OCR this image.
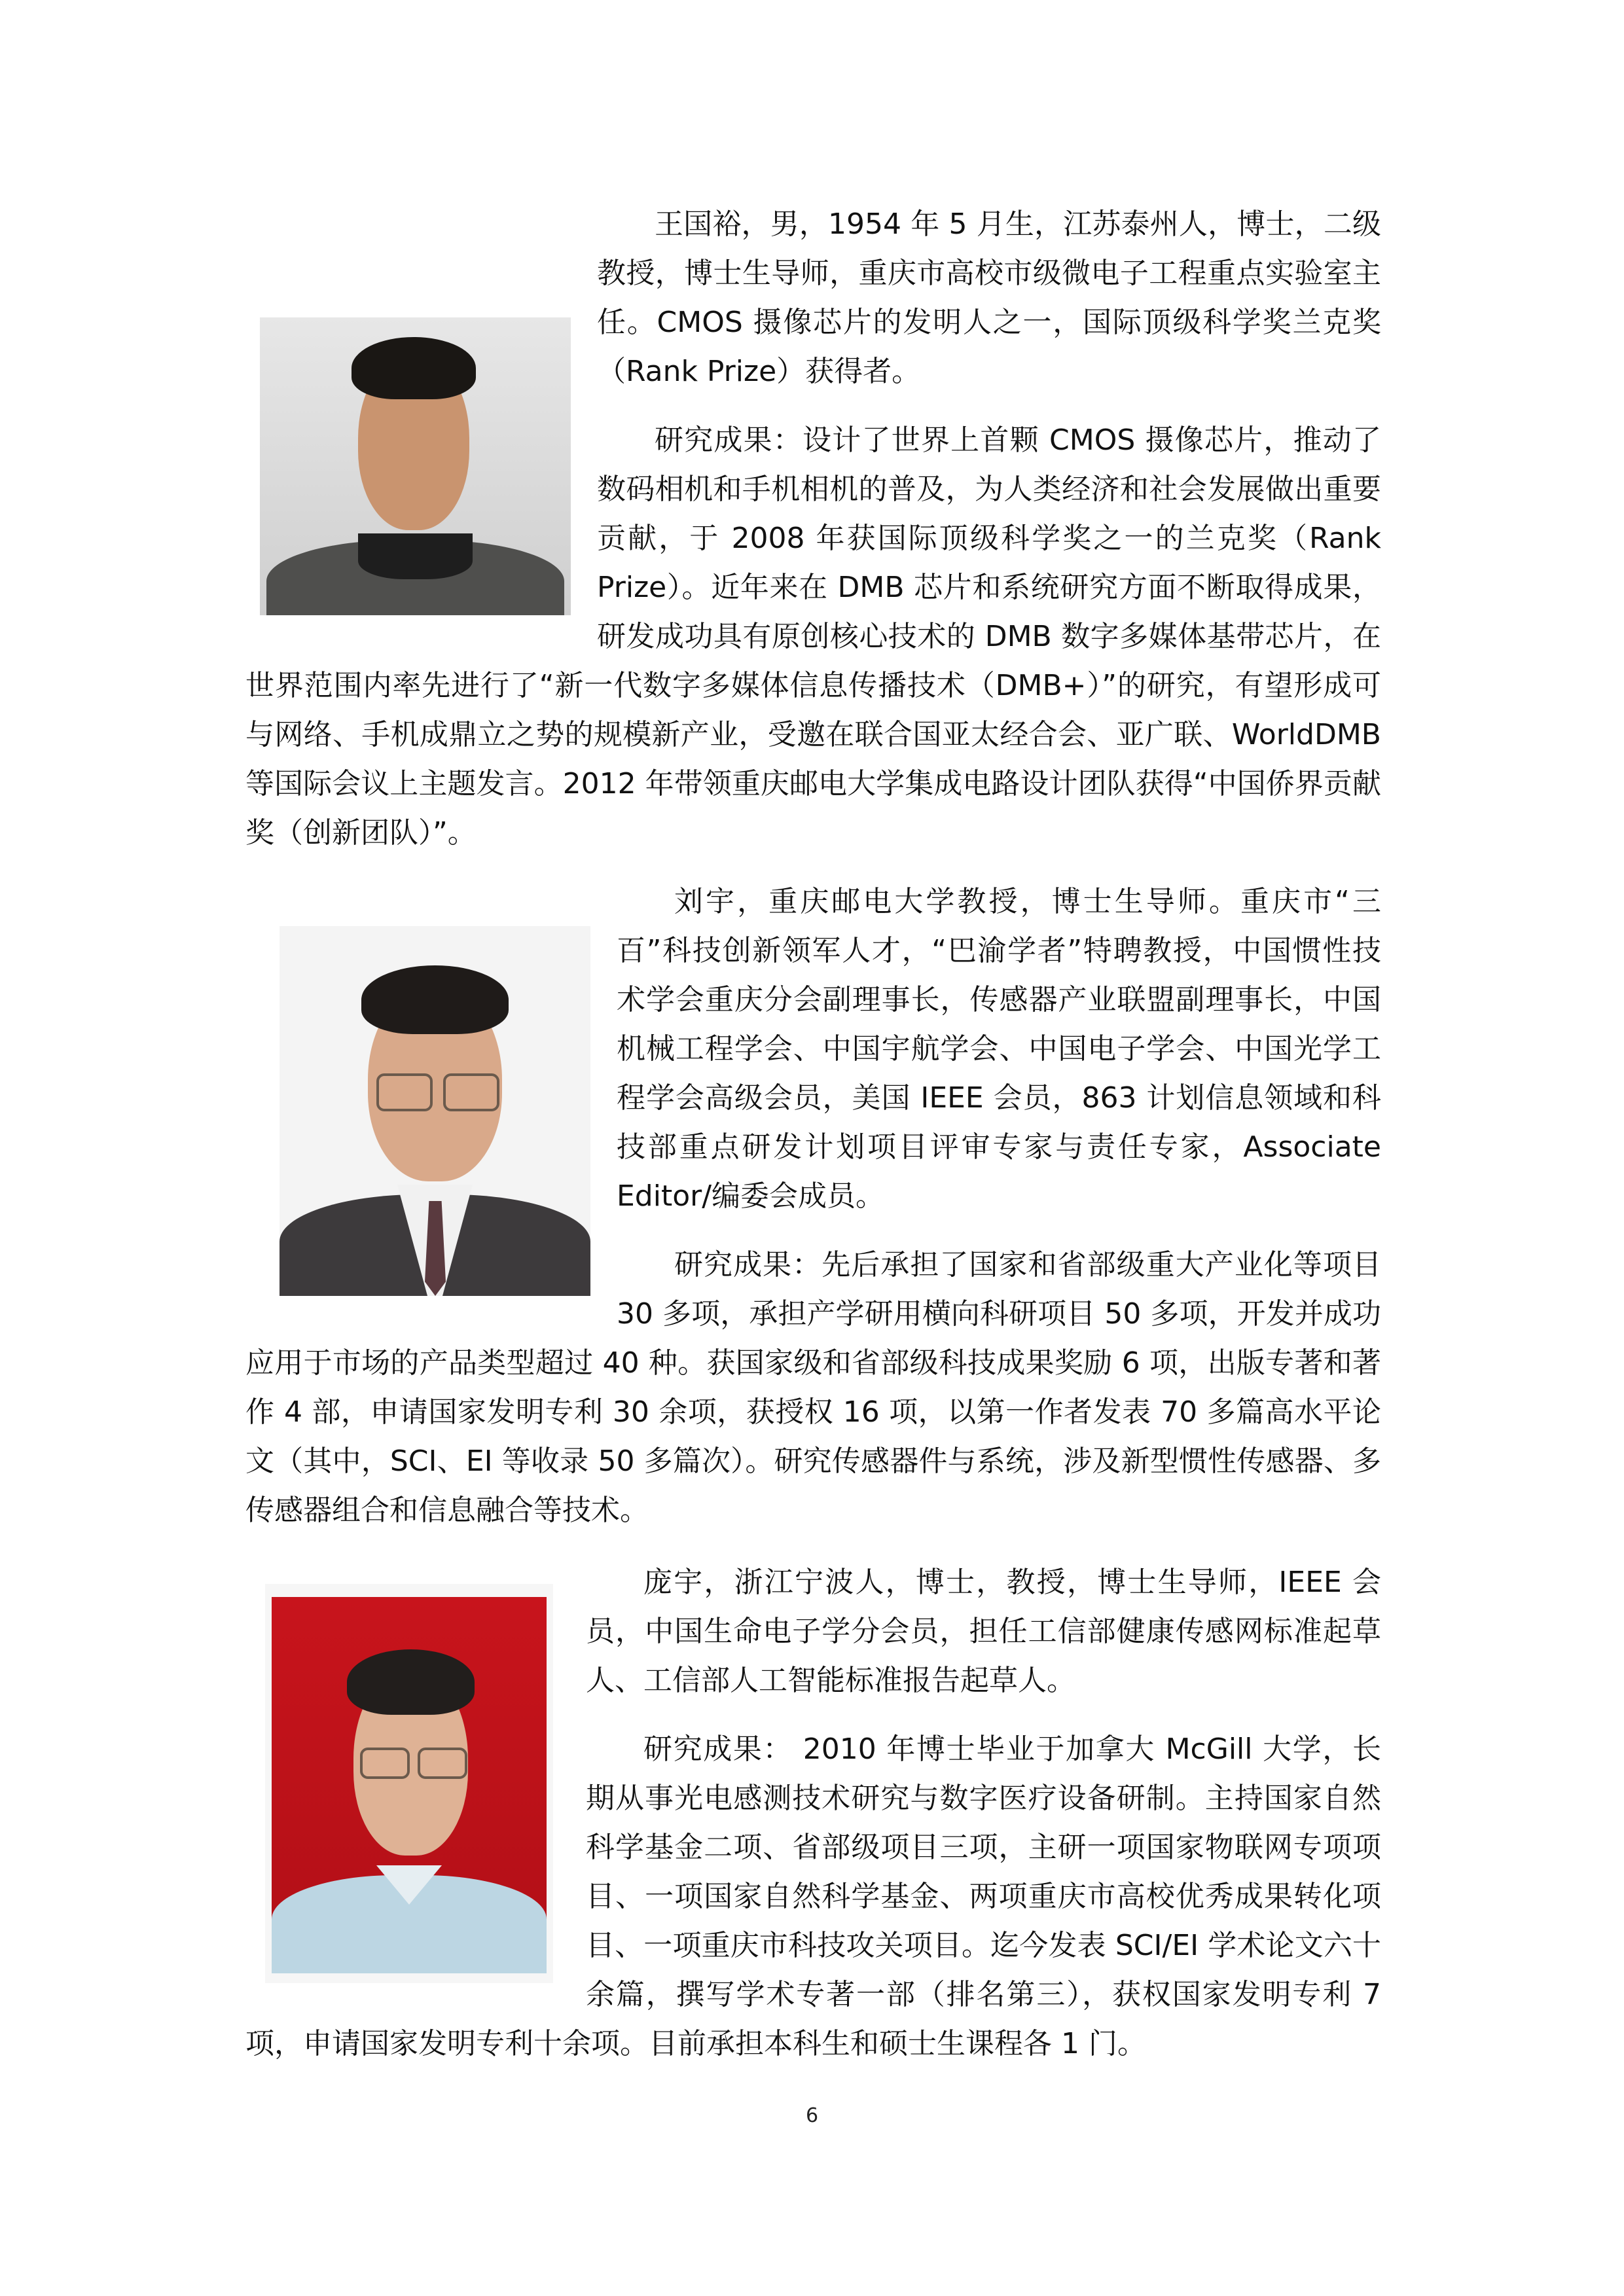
王国裕，男，1954 年 5 月生，江苏泰州人，博士，二级教授，博士生导师，重庆市高校市级微电子工程重点实验室主任。CMOS 摄像芯片的发明人之一，国际顶级科学奖兰克奖（Rank Prize）获得者。

研究成果：设计了世界上首颗 CMOS 摄像芯片，推动了数码相机和手机相机的普及，为人类经济和社会发展做出重要贡献，于 2008 年获国际顶级科学奖之一的兰克奖（Rank Prize）。近年来在 DMB 芯片和系统研究方面不断取得成果，研发成功具有原创核心技术的 DMB 数字多媒体基带芯片，在世界范围内率先进行了“新一代数字多媒体信息传播技术（DMB+）”的研究，有望形成可与网络、手机成鼎立之势的规模新产业，受邀在联合国亚太经合会、亚广联、WorldDMB 等国际会议上主题发言。2012 年带领重庆邮电大学集成电路设计团队获得“中国侨界贡献奖（创新团队）”。

刘宇，重庆邮电大学教授，博士生导师。重庆市“三百”科技创新领军人才，“巴渝学者”特聘教授，中国惯性技术学会重庆分会副理事长，传感器产业联盟副理事长，中国机械工程学会、中国宇航学会、中国电子学会、中国光学工程学会高级会员，美国 IEEE 会员，863 计划信息领域和科技部重点研发计划项目评审专家与责任专家，Associate Editor/编委会成员。

研究成果：先后承担了国家和省部级重大产业化等项目 30 多项，承担产学研用横向科研项目 50 多项，开发并成功应用于市场的产品类型超过 40 种。获国家级和省部级科技成果奖励 6 项，出版专著和著作 4 部，申请国家发明专利 30 余项，获授权 16 项，以第一作者发表 70 多篇高水平论文（其中，SCI、EI 等收录 50 多篇次）。研究传感器件与系统，涉及新型惯性传感器、多传感器组合和信息融合等技术。

庞宇，浙江宁波人，博士，教授，博士生导师，IEEE 会员，中国生命电子学分会员，担任工信部健康传感网标准起草人、工信部人工智能标准报告起草人。

研究成果： 2010 年博士毕业于加拿大 McGill 大学，长期从事光电感测技术研究与数字医疗设备研制。主持国家自然科学基金二项、省部级项目三项，主研一项国家物联网专项项目、一项国家自然科学基金、两项重庆市高校优秀成果转化项目、一项重庆市科技攻关项目。迄今发表 SCI/EI 学术论文六十余篇，撰写学术专著一部（排名第三），获权国家发明专利 7 项，申请国家发明专利十余项。目前承担本科生和硕士生课程各 1 门。

6
